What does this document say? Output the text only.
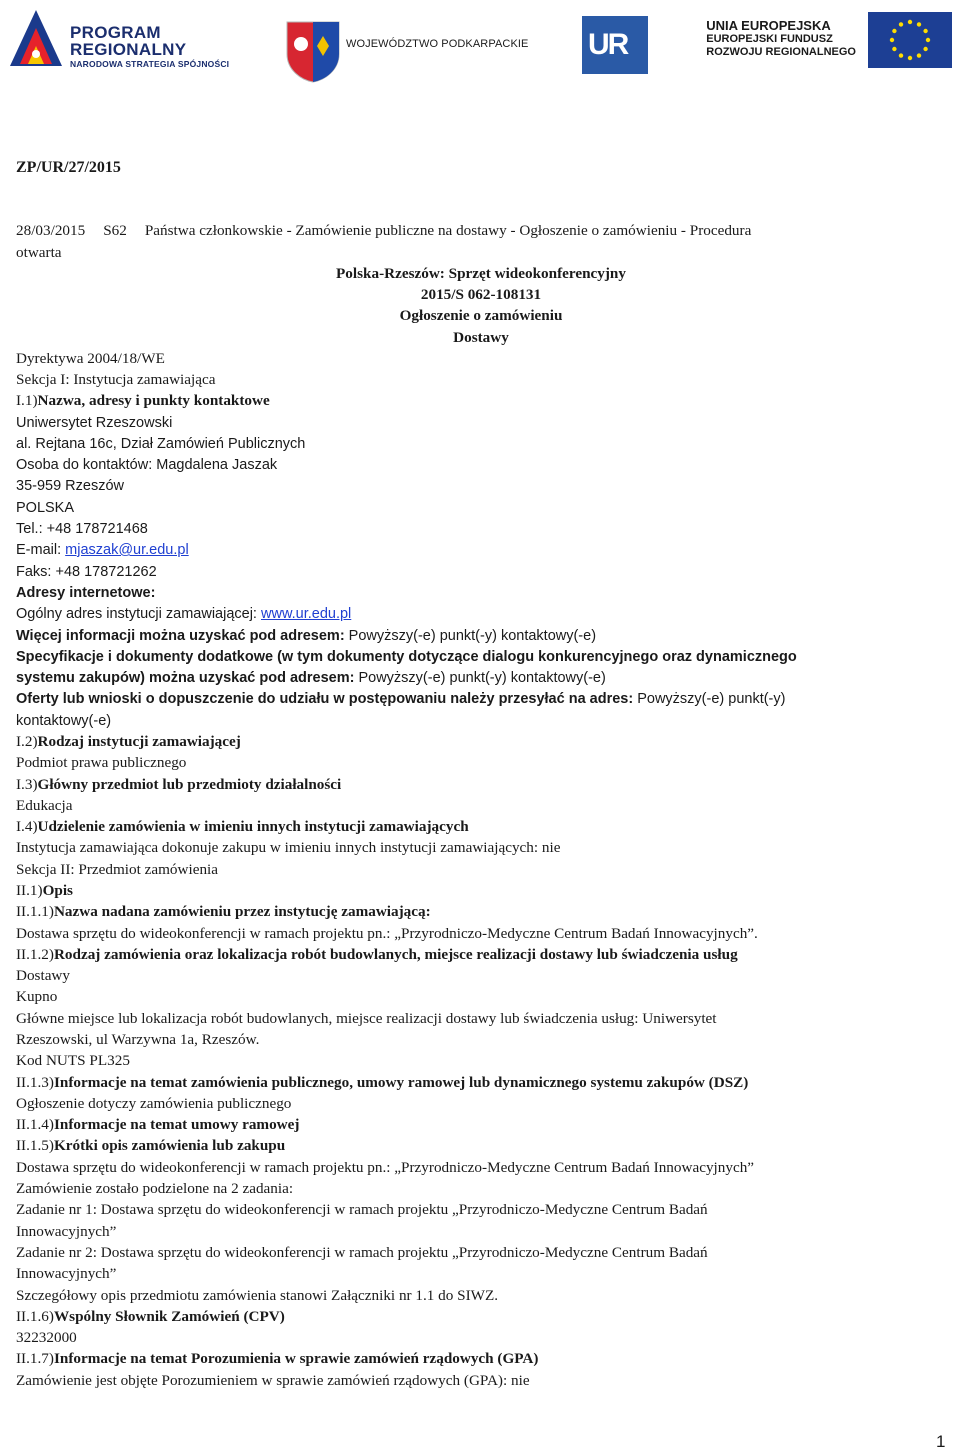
PROGRAM
REGIONALNY
NARODOWA STRATEGIA SPÓJNOŚCI
WOJEWÓDZTWO PODKARPACKIE UR
UNIA EUROPEJSKA
EUROPEJSKI FUNDUSZ
ROZWOJU REGIONALNEGO
ZP/UR/27/2015
28/03/2015 S62 Państwa członkowskie - Zamówienie publiczne na dostawy - Ogłoszenie o zamówieniu - Procedura
otwarta
Polska-Rzeszów: Sprzęt wideokonferencyjny
2015/S 062-108131
Ogłoszenie o zamówieniu
Dostawy
Dyrektywa 2004/18/WE
Sekcja I: Instytucja zamawiająca
I.1)Nazwa, adresy i punkty kontaktowe
Uniwersytet Rzeszowski
al. Rejtana 16c, Dział Zamówień Publicznych
Osoba do kontaktów: Magdalena Jaszak
35-959 Rzeszów
POLSKA
Tel.: +48 178721468
E-mail: mjaszak@ur.edu.pl
Faks: +48 178721262
Adresy internetowe:
Ogólny adres instytucji zamawiającej: www.ur.edu.pl
Więcej informacji można uzyskać pod adresem: Powyższy(-e) punkt(-y) kontaktowy(-e)
Specyfikacje i dokumenty dodatkowe (w tym dokumenty dotyczące dialogu konkurencyjnego oraz dynamicznego
systemu zakupów) można uzyskać pod adresem: Powyższy(-e) punkt(-y) kontaktowy(-e)
Oferty lub wnioski o dopuszczenie do udziału w postępowaniu należy przesyłać na adres: Powyższy(-e) punkt(-y)
kontaktowy(-e)
I.2)Rodzaj instytucji zamawiającej
Podmiot prawa publicznego
I.3)Główny przedmiot lub przedmioty działalności
Edukacja
I.4)Udzielenie zamówienia w imieniu innych instytucji zamawiających
Instytucja zamawiająca dokonuje zakupu w imieniu innych instytucji zamawiających: nie
Sekcja II: Przedmiot zamówienia
II.1)Opis
II.1.1)Nazwa nadana zamówieniu przez instytucję zamawiającą:
Dostawa sprzętu do wideokonferencji w ramach projektu pn.: „Przyrodniczo-Medyczne Centrum Badań Innowacyjnych”.
II.1.2)Rodzaj zamówienia oraz lokalizacja robót budowlanych, miejsce realizacji dostawy lub świadczenia usług
Dostawy
Kupno
Główne miejsce lub lokalizacja robót budowlanych, miejsce realizacji dostawy lub świadczenia usług: Uniwersytet
Rzeszowski, ul Warzywna 1a, Rzeszów.
Kod NUTS PL325
II.1.3)Informacje na temat zamówienia publicznego, umowy ramowej lub dynamicznego systemu zakupów (DSZ)
Ogłoszenie dotyczy zamówienia publicznego
II.1.4)Informacje na temat umowy ramowej
II.1.5)Krótki opis zamówienia lub zakupu
Dostawa sprzętu do wideokonferencji w ramach projektu pn.: „Przyrodniczo-Medyczne Centrum Badań Innowacyjnych”
Zamówienie zostało podzielone na 2 zadania:
Zadanie nr 1: Dostawa sprzętu do wideokonferencji w ramach projektu „Przyrodniczo-Medyczne Centrum Badań
Innowacyjnych”
Zadanie nr 2: Dostawa sprzętu do wideokonferencji w ramach projektu „Przyrodniczo-Medyczne Centrum Badań
Innowacyjnych”
Szczegółowy opis przedmiotu zamówienia stanowi Załączniki nr 1.1 do SIWZ.
II.1.6)Wspólny Słownik Zamówień (CPV)
32232000
II.1.7)Informacje na temat Porozumienia w sprawie zamówień rządowych (GPA)
Zamówienie jest objęte Porozumieniem w sprawie zamówień rządowych (GPA): nie
1
